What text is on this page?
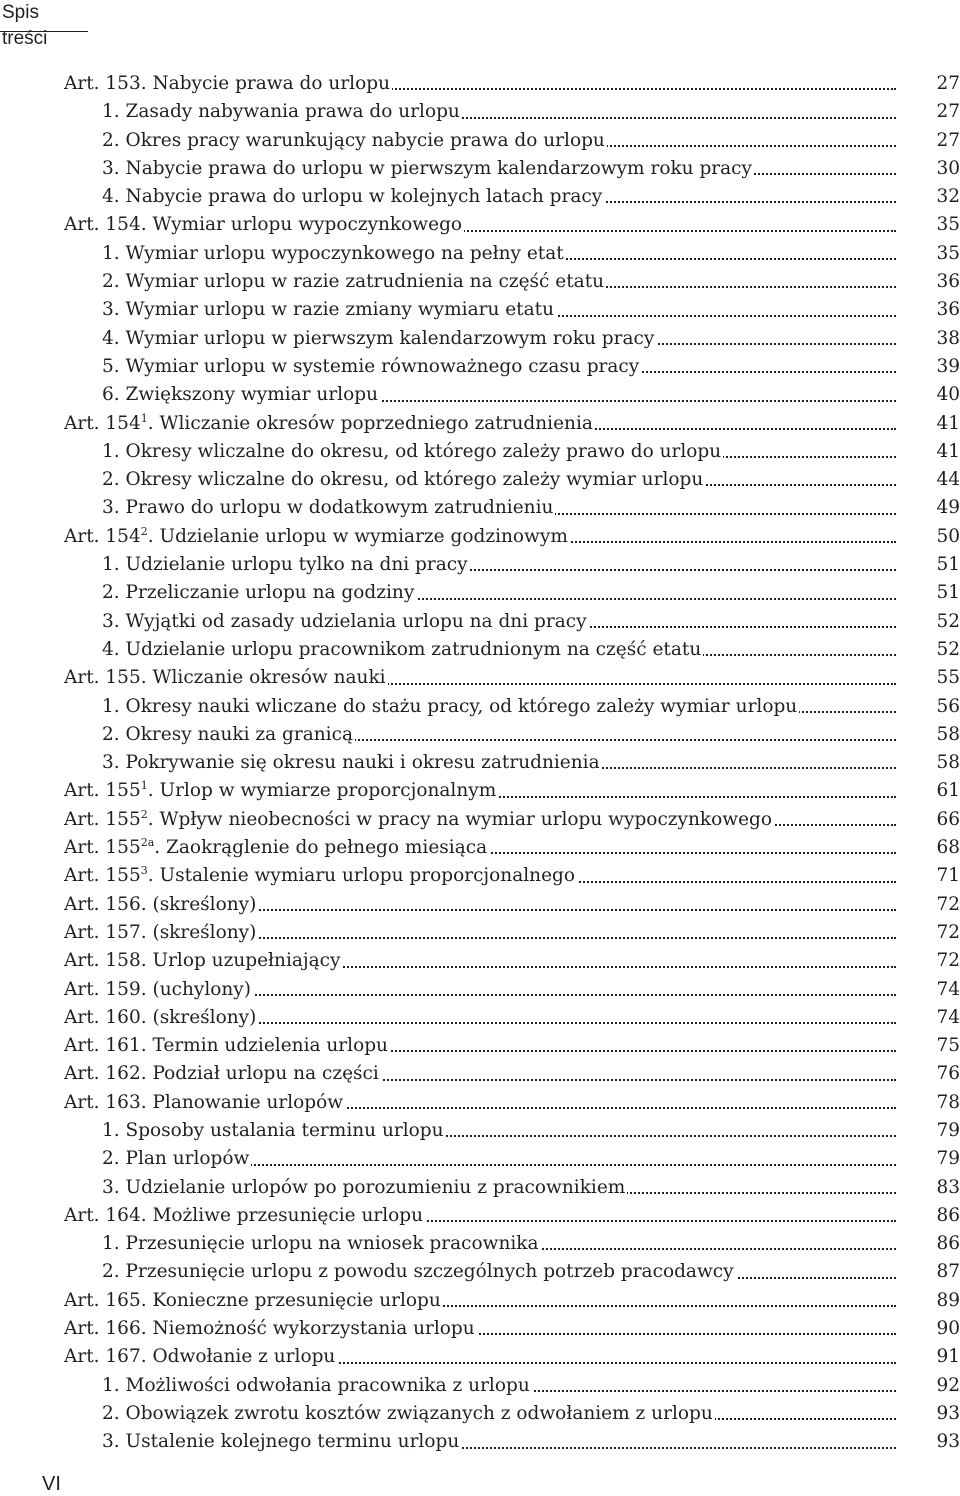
Spis treści
Art. 153. Nabycie prawa do urlopu	27
1. Zasady nabywania prawa do urlopu	27
2. Okres pracy warunkujący nabycie prawa do urlopu	27
3. Nabycie prawa do urlopu w pierwszym kalendarzowym roku pracy	30
4. Nabycie prawa do urlopu w kolejnych latach pracy	32
Art. 154. Wymiar urlopu wypoczynkowego	35
1. Wymiar urlopu wypoczynkowego na pełny etat	35
2. Wymiar urlopu w razie zatrudnienia na część etatu	36
3. Wymiar urlopu w razie zmiany wymiaru etatu	36
4. Wymiar urlopu w pierwszym kalendarzowym roku pracy	38
5. Wymiar urlopu w systemie równoważnego czasu pracy	39
6. Zwiększony wymiar urlopu	40
Art. $154^1$. Wliczanie okresów poprzedniego zatrudnienia	41
1. Okresy wliczalne do okresu, od którego zależy prawo do urlopu	41
2. Okresy wliczalne do okresu, od którego zależy wymiar urlopu	44
3. Prawo do urlopu w dodatkowym zatrudnieniu	49
Art. $154^2$. Udzielanie urlopu w wymiarze godzinowym	50
1. Udzielanie urlopu tylko na dni pracy	51
2. Przeliczanie urlopu na godziny	51
3. Wyjątki od zasady udzielania urlopu na dni pracy	52
4. Udzielanie urlopu pracownikom zatrudnionym na część etatu	52
Art. 155. Wliczanie okresów nauki	55
1. Okresy nauki wliczane do stażu pracy, od którego zależy wymiar urlopu	56
2. Okresy nauki za granicą	58
3. Pokrywanie się okresu nauki i okresu zatrudnienia	58
Art. $155^1$. Urlop w wymiarze proporcjonalnym	61
Art. $155^2$. Wpływ nieobecności w pracy na wymiar urlopu wypoczynkowego	66
Art. $155^{2a}$. Zaokrąglenie do pełnego miesiąca	68
Art. $155^3$. Ustalenie wymiaru urlopu proporcjonalnego	71
Art. 156. (skreślony)	72
Art. 157. (skreślony)	72
Art. 158. Urlop uzupełniający	72
Art. 159. (uchylony)	74
Art. 160. (skreślony)	74
Art. 161. Termin udzielenia urlopu	75
Art. 162. Podział urlopu na części	76
Art. 163. Planowanie urlopów	78
1. Sposoby ustalania terminu urlopu	79
2. Plan urlopów	79
3. Udzielanie urlopów po porozumieniu z pracownikiem	83
Art. 164. Możliwe przesunięcie urlopu	86
1. Przesunięcie urlopu na wniosek pracownika	86
2. Przesunięcie urlopu z powodu szczególnych potrzeb pracodawcy	87
Art. 165. Konieczne przesunięcie urlopu	89
Art. 166. Niemożność wykorzystania urlopu	90
Art. 167. Odwołanie z urlopu	91
1. Możliwości odwołania pracownika z urlopu	92
2. Obowiązek zwrotu kosztów związanych z odwołaniem z urlopu	93
3. Ustalenie kolejnego terminu urlopu	93
VI
